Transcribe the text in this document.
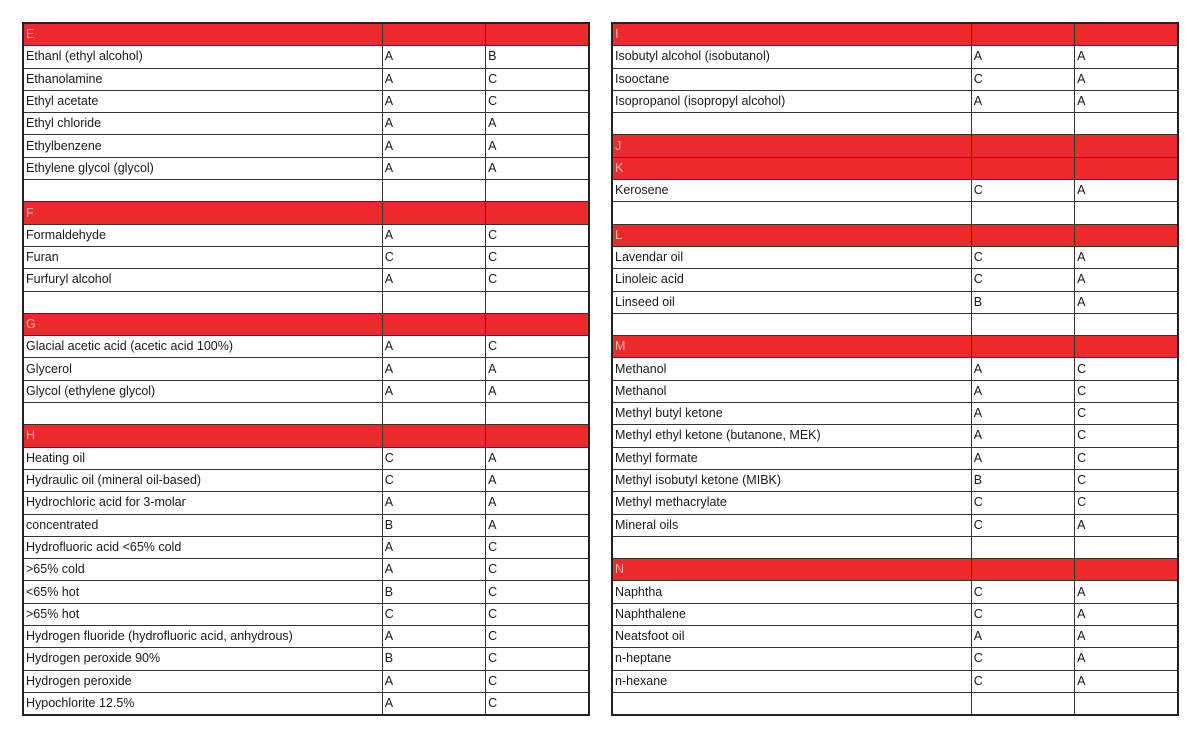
E		
Ethanl (ethyl alcohol)	A	B
Ethanolamine	A	C
Ethyl acetate	A	C
Ethyl chloride	A	A
Ethylbenzene	A	A
Ethylene glycol (glycol)	A	A

F		
Formaldehyde	A	C
Furan	C	C
Furfuryl alcohol	A	C

G		
Glacial acetic acid (acetic acid 100%)	A	C
Glycerol	A	A
Glycol (ethylene glycol)	A	A

H		
Heating oil	C	A
Hydraulic oil (mineral oil-based)	C	A
Hydrochloric acid for 3-molar	A	A
concentrated	B	A
Hydrofluoric acid <65% cold	A	C
>65% cold	A	C
<65% hot	B	C
>65% hot	C	C
Hydrogen fluoride (hydrofluoric acid, anhydrous)	A	C
Hydrogen peroxide 90%	B	C
Hydrogen peroxide	A	C
Hypochlorite 12.5%	A	C
I		
Isobutyl alcohol (isobutanol)	A	A
Isooctane	C	A
Isopropanol (isopropyl alcohol)	A	A

J		
K		
Kerosene	C	A

L		
Lavendar oil	C	A
Linoleic acid	C	A
Linseed oil	B	A

M		
Methanol	A	C
Methanol	A	C
Methyl butyl ketone	A	C
Methyl ethyl ketone (butanone, MEK)	A	C
Methyl formate	A	C
Methyl isobutyl ketone (MIBK)	B	C
Methyl methacrylate	C	C
Mineral oils	C	A

N		
Naphtha	C	A
Naphthalene	C	A
Neatsfoot oil	A	A
n-heptane	C	A
n-hexane	C	A
